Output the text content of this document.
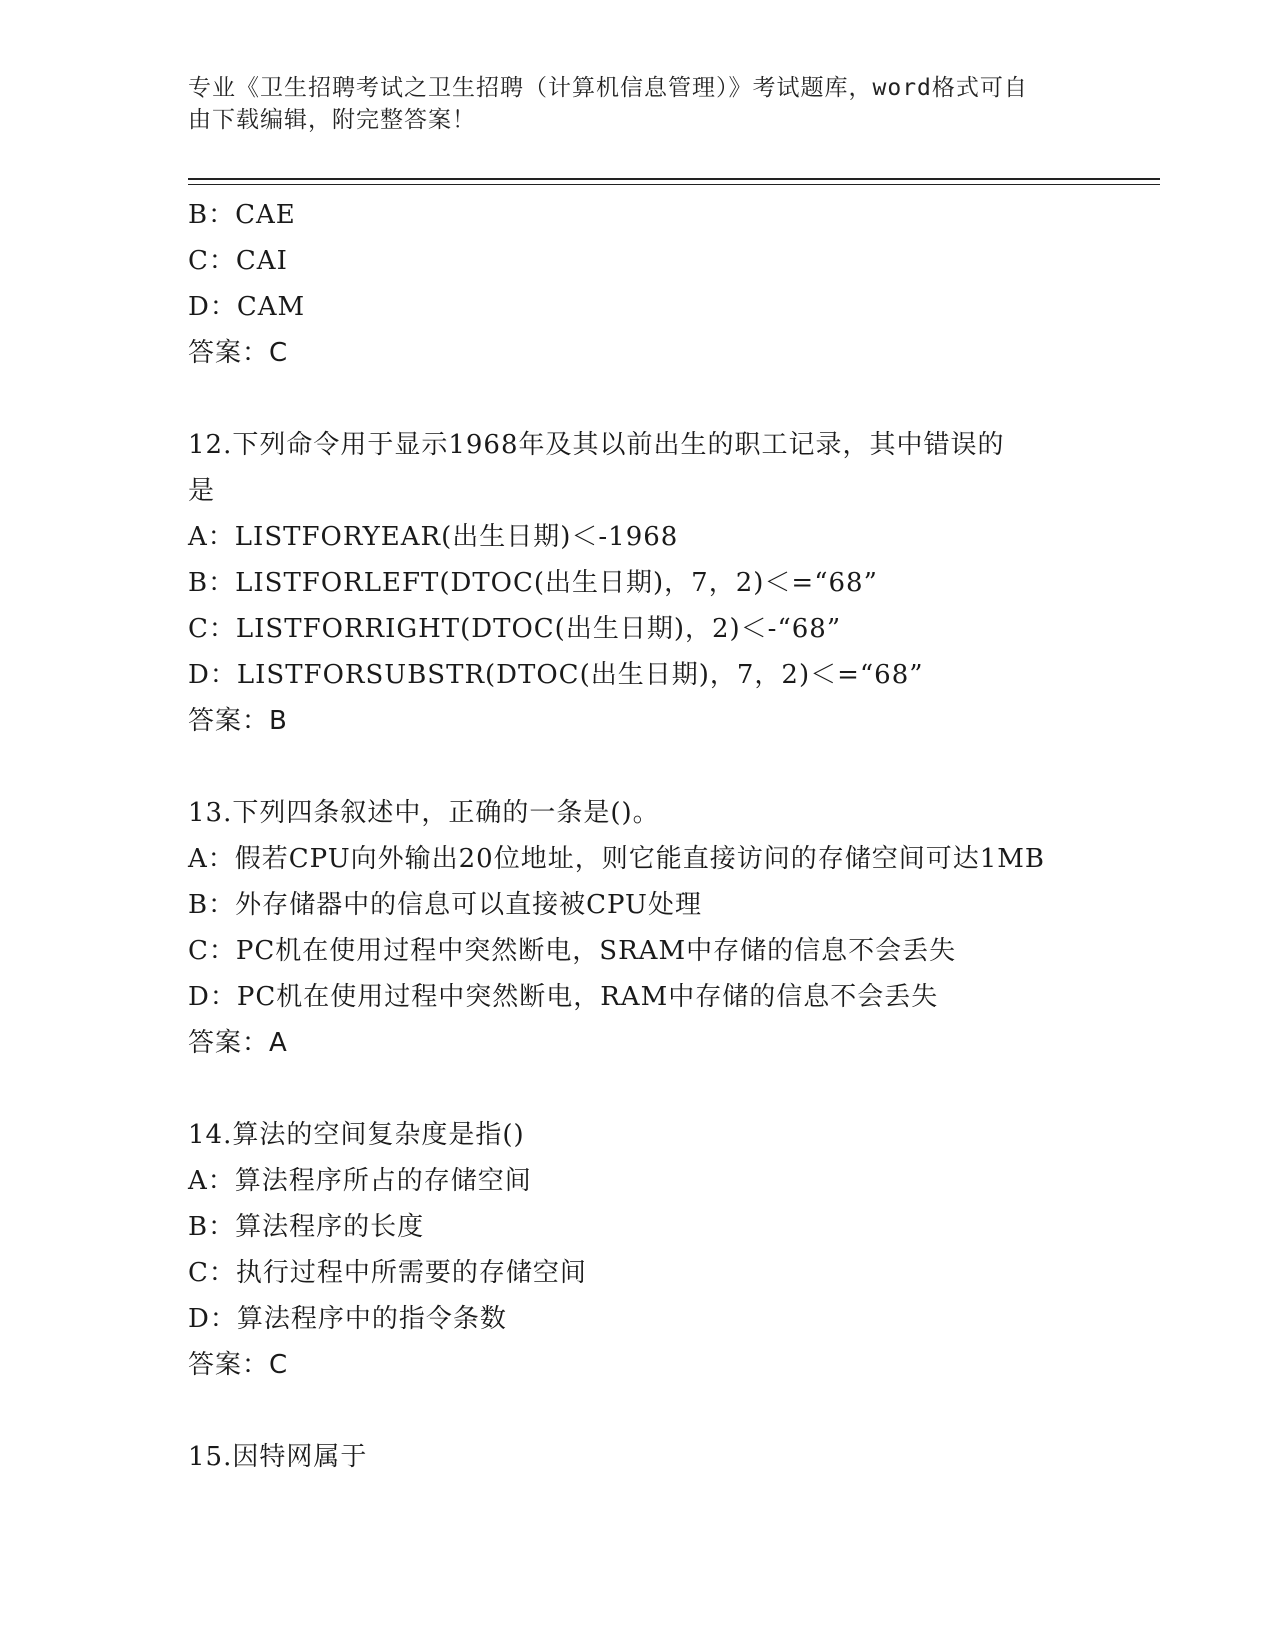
专业《卫生招聘考试之卫生招聘（计算机信息管理）》考试题库，word格式可自
由下载编辑，附完整答案！
B：CAE
C：CAI
D：CAM
答案：C
12.下列命令用于显示1968年及其以前出生的职工记录，其中错误的
是
A：LISTFORYEAR(出生日期)＜-1968
B：LISTFORLEFT(DTOC(出生日期)，7，2)＜=“68”
C：LISTFORRIGHT(DTOC(出生日期)，2)＜-“68”
D：LISTFORSUBSTR(DTOC(出生日期)，7，2)＜=“68”
答案：B
13.下列四条叙述中，正确的一条是()。
A：假若CPU向外输出20位地址，则它能直接访问的存储空间可达1MB
B：外存储器中的信息可以直接被CPU处理
C：PC机在使用过程中突然断电，SRAM中存储的信息不会丢失
D：PC机在使用过程中突然断电，RAM中存储的信息不会丢失
答案：A
14.算法的空间复杂度是指()
A：算法程序所占的存储空间
B：算法程序的长度
C：执行过程中所需要的存储空间
D：算法程序中的指令条数
答案：C
15.因特网属于
